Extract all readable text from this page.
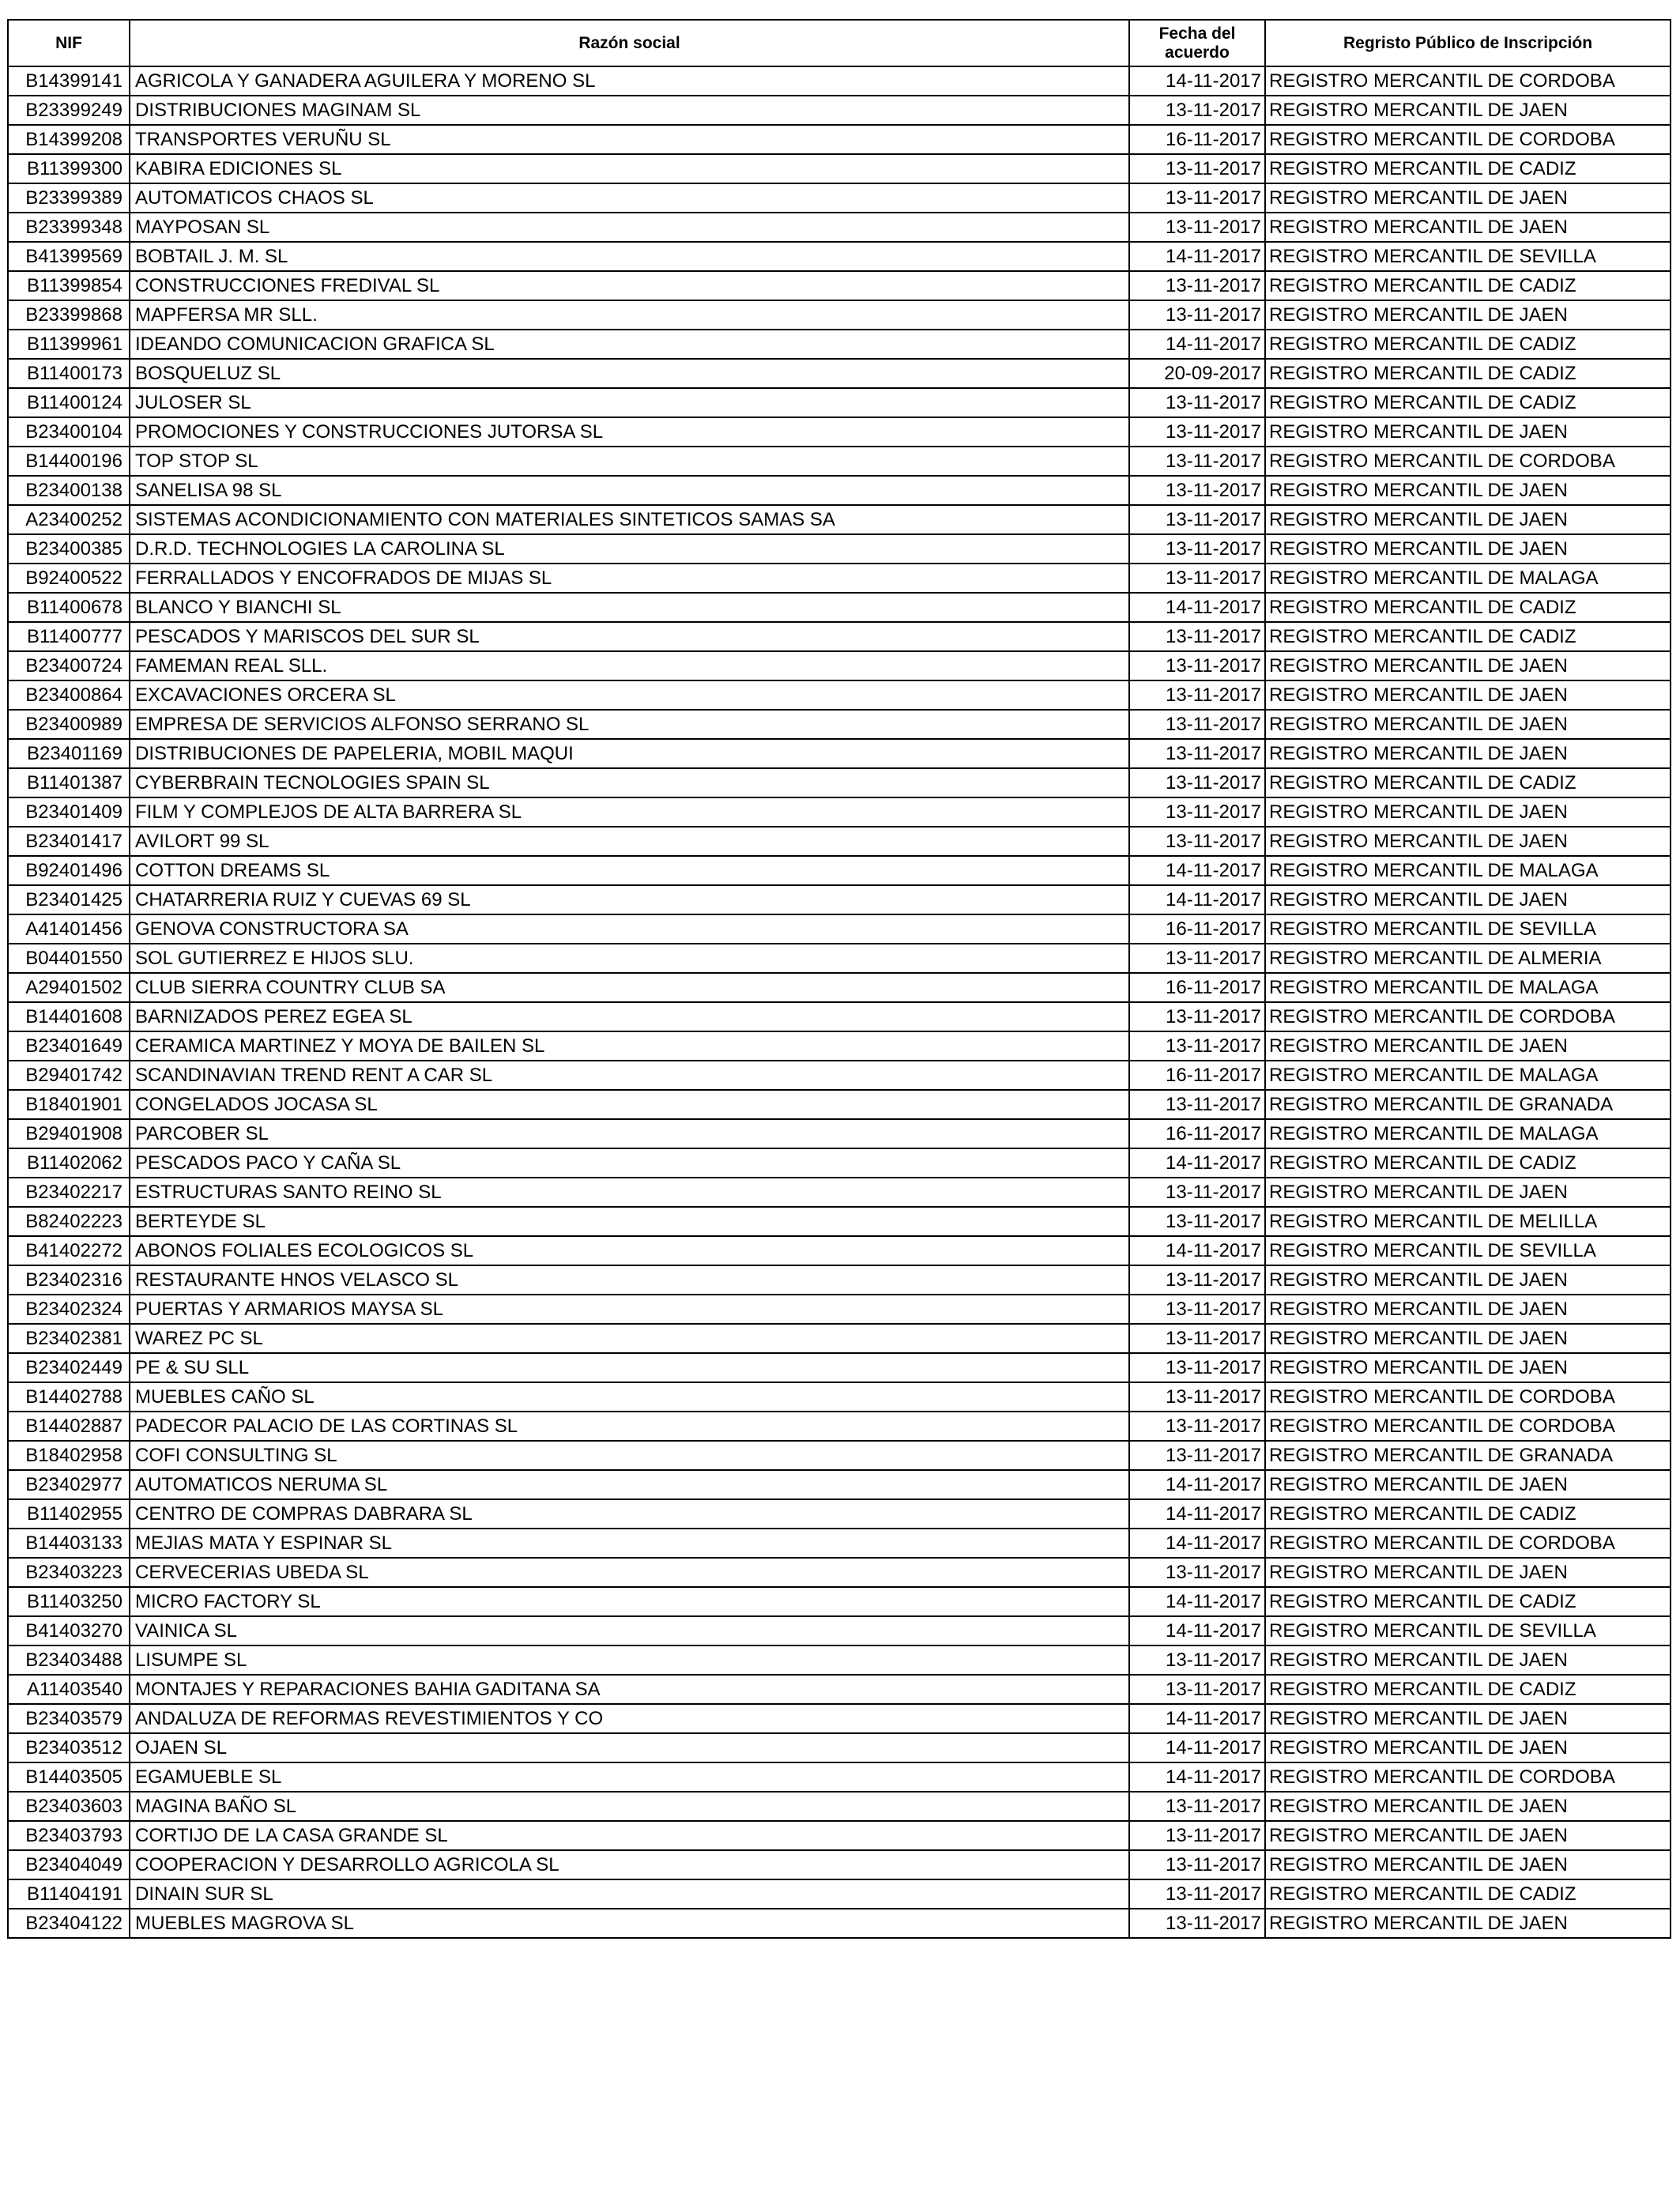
NIF	Razón social	Fecha del acuerdo	Regristo Público de Inscripción
B14399141	AGRICOLA Y GANADERA AGUILERA Y MORENO SL	14-11-2017	REGISTRO MERCANTIL DE CORDOBA
B23399249	DISTRIBUCIONES MAGINAM SL	13-11-2017	REGISTRO MERCANTIL DE JAEN
B14399208	TRANSPORTES VERUÑU SL	16-11-2017	REGISTRO MERCANTIL DE CORDOBA
B11399300	KABIRA EDICIONES SL	13-11-2017	REGISTRO MERCANTIL DE CADIZ
B23399389	AUTOMATICOS CHAOS SL	13-11-2017	REGISTRO MERCANTIL DE JAEN
B23399348	MAYPOSAN SL	13-11-2017	REGISTRO MERCANTIL DE JAEN
B41399569	BOBTAIL J. M. SL	14-11-2017	REGISTRO MERCANTIL DE SEVILLA
B11399854	CONSTRUCCIONES FREDIVAL SL	13-11-2017	REGISTRO MERCANTIL DE CADIZ
B23399868	MAPFERSA MR SLL.	13-11-2017	REGISTRO MERCANTIL DE JAEN
B11399961	IDEANDO COMUNICACION GRAFICA SL	14-11-2017	REGISTRO MERCANTIL DE CADIZ
B11400173	BOSQUELUZ SL	20-09-2017	REGISTRO MERCANTIL DE CADIZ
B11400124	JULOSER SL	13-11-2017	REGISTRO MERCANTIL DE CADIZ
B23400104	PROMOCIONES Y CONSTRUCCIONES JUTORSA SL	13-11-2017	REGISTRO MERCANTIL DE JAEN
B14400196	TOP STOP SL	13-11-2017	REGISTRO MERCANTIL DE CORDOBA
B23400138	SANELISA 98 SL	13-11-2017	REGISTRO MERCANTIL DE JAEN
A23400252	SISTEMAS ACONDICIONAMIENTO CON MATERIALES SINTETICOS SAMAS SA	13-11-2017	REGISTRO MERCANTIL DE JAEN
B23400385	D.R.D. TECHNOLOGIES LA CAROLINA SL	13-11-2017	REGISTRO MERCANTIL DE JAEN
B92400522	FERRALLADOS Y ENCOFRADOS DE MIJAS SL	13-11-2017	REGISTRO MERCANTIL DE MALAGA
B11400678	BLANCO Y BIANCHI SL	14-11-2017	REGISTRO MERCANTIL DE CADIZ
B11400777	PESCADOS Y MARISCOS DEL SUR SL	13-11-2017	REGISTRO MERCANTIL DE CADIZ
B23400724	FAMEMAN REAL SLL.	13-11-2017	REGISTRO MERCANTIL DE JAEN
B23400864	EXCAVACIONES ORCERA SL	13-11-2017	REGISTRO MERCANTIL DE JAEN
B23400989	EMPRESA DE SERVICIOS ALFONSO SERRANO SL	13-11-2017	REGISTRO MERCANTIL DE JAEN
B23401169	DISTRIBUCIONES DE PAPELERIA, MOBIL MAQUI	13-11-2017	REGISTRO MERCANTIL DE JAEN
B11401387	CYBERBRAIN TECNOLOGIES SPAIN SL	13-11-2017	REGISTRO MERCANTIL DE CADIZ
B23401409	FILM Y COMPLEJOS DE ALTA BARRERA SL	13-11-2017	REGISTRO MERCANTIL DE JAEN
B23401417	AVILORT 99 SL	13-11-2017	REGISTRO MERCANTIL DE JAEN
B92401496	COTTON DREAMS SL	14-11-2017	REGISTRO MERCANTIL DE MALAGA
B23401425	CHATARRERIA RUIZ Y CUEVAS 69 SL	14-11-2017	REGISTRO MERCANTIL DE JAEN
A41401456	GENOVA CONSTRUCTORA SA	16-11-2017	REGISTRO MERCANTIL DE SEVILLA
B04401550	SOL GUTIERREZ E HIJOS SLU.	13-11-2017	REGISTRO MERCANTIL DE ALMERIA
A29401502	CLUB SIERRA COUNTRY CLUB SA	16-11-2017	REGISTRO MERCANTIL DE MALAGA
B14401608	BARNIZADOS PEREZ EGEA SL	13-11-2017	REGISTRO MERCANTIL DE CORDOBA
B23401649	CERAMICA MARTINEZ Y MOYA DE BAILEN SL	13-11-2017	REGISTRO MERCANTIL DE JAEN
B29401742	SCANDINAVIAN TREND RENT A CAR SL	16-11-2017	REGISTRO MERCANTIL DE MALAGA
B18401901	CONGELADOS JOCASA SL	13-11-2017	REGISTRO MERCANTIL DE GRANADA
B29401908	PARCOBER SL	16-11-2017	REGISTRO MERCANTIL DE MALAGA
B11402062	PESCADOS PACO Y CAÑA SL	14-11-2017	REGISTRO MERCANTIL DE CADIZ
B23402217	ESTRUCTURAS SANTO REINO SL	13-11-2017	REGISTRO MERCANTIL DE JAEN
B82402223	BERTEYDE SL	13-11-2017	REGISTRO MERCANTIL DE MELILLA
B41402272	ABONOS FOLIALES ECOLOGICOS SL	14-11-2017	REGISTRO MERCANTIL DE SEVILLA
B23402316	RESTAURANTE HNOS VELASCO SL	13-11-2017	REGISTRO MERCANTIL DE JAEN
B23402324	PUERTAS Y ARMARIOS MAYSA SL	13-11-2017	REGISTRO MERCANTIL DE JAEN
B23402381	WAREZ PC SL	13-11-2017	REGISTRO MERCANTIL DE JAEN
B23402449	PE & SU SLL	13-11-2017	REGISTRO MERCANTIL DE JAEN
B14402788	MUEBLES CAÑO SL	13-11-2017	REGISTRO MERCANTIL DE CORDOBA
B14402887	PADECOR PALACIO DE LAS CORTINAS SL	13-11-2017	REGISTRO MERCANTIL DE CORDOBA
B18402958	COFI CONSULTING SL	13-11-2017	REGISTRO MERCANTIL DE GRANADA
B23402977	AUTOMATICOS NERUMA SL	14-11-2017	REGISTRO MERCANTIL DE JAEN
B11402955	CENTRO DE COMPRAS DABRARA SL	14-11-2017	REGISTRO MERCANTIL DE CADIZ
B14403133	MEJIAS MATA Y ESPINAR SL	14-11-2017	REGISTRO MERCANTIL DE CORDOBA
B23403223	CERVECERIAS UBEDA SL	13-11-2017	REGISTRO MERCANTIL DE JAEN
B11403250	MICRO FACTORY SL	14-11-2017	REGISTRO MERCANTIL DE CADIZ
B41403270	VAINICA SL	14-11-2017	REGISTRO MERCANTIL DE SEVILLA
B23403488	LISUMPE SL	13-11-2017	REGISTRO MERCANTIL DE JAEN
A11403540	MONTAJES Y REPARACIONES BAHIA GADITANA SA	13-11-2017	REGISTRO MERCANTIL DE CADIZ
B23403579	ANDALUZA DE REFORMAS REVESTIMIENTOS Y CO	14-11-2017	REGISTRO MERCANTIL DE JAEN
B23403512	OJAEN SL	14-11-2017	REGISTRO MERCANTIL DE JAEN
B14403505	EGAMUEBLE SL	14-11-2017	REGISTRO MERCANTIL DE CORDOBA
B23403603	MAGINA BAÑO SL	13-11-2017	REGISTRO MERCANTIL DE JAEN
B23403793	CORTIJO DE LA CASA GRANDE SL	13-11-2017	REGISTRO MERCANTIL DE JAEN
B23404049	COOPERACION Y DESARROLLO AGRICOLA SL	13-11-2017	REGISTRO MERCANTIL DE JAEN
B11404191	DINAIN SUR SL	13-11-2017	REGISTRO MERCANTIL DE CADIZ
B23404122	MUEBLES MAGROVA SL	13-11-2017	REGISTRO MERCANTIL DE JAEN
